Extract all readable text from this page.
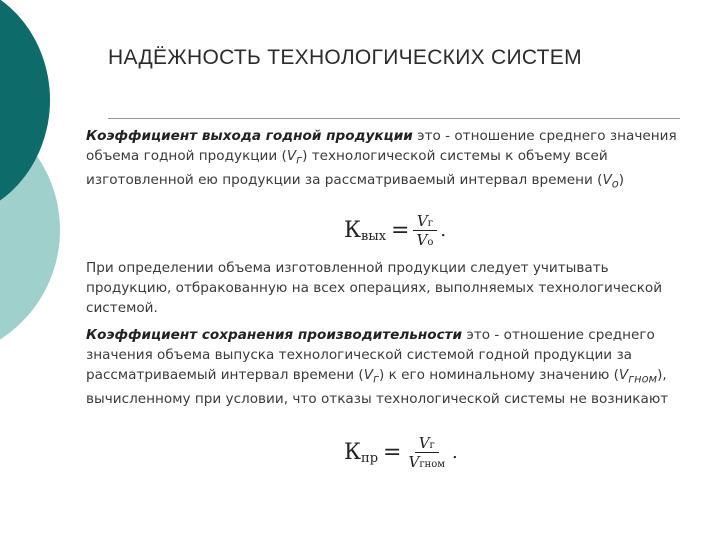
НАДЁЖНОСТЬ ТЕХНОЛОГИЧЕСКИХ СИСТЕМ
Коэффициент выхода годной продукции это - отношение среднего значения объема годной продукции $(V_г)$ технологической системы к объему всей изготовленной ею продукции за рассматриваемый интервал времени $(V_о)$
К вых = $\frac{Vг}{Vо}$ .
При определении объема изготовленной продукции следует учитывать продукцию, отбракованную на всех операциях, выполняемых технологической системой.
Коэффициент сохранения производительности это - отношение среднего значения объема выпуска технологической системой годной продукции за рассматриваемый интервал времени $(V_г)$ к его номинальному значению $(V_{гном})$, вычисленному при условии, что отказы технологической системы не возникают
К пр = $\frac{Vг}{\text{Vгном}}$ .
